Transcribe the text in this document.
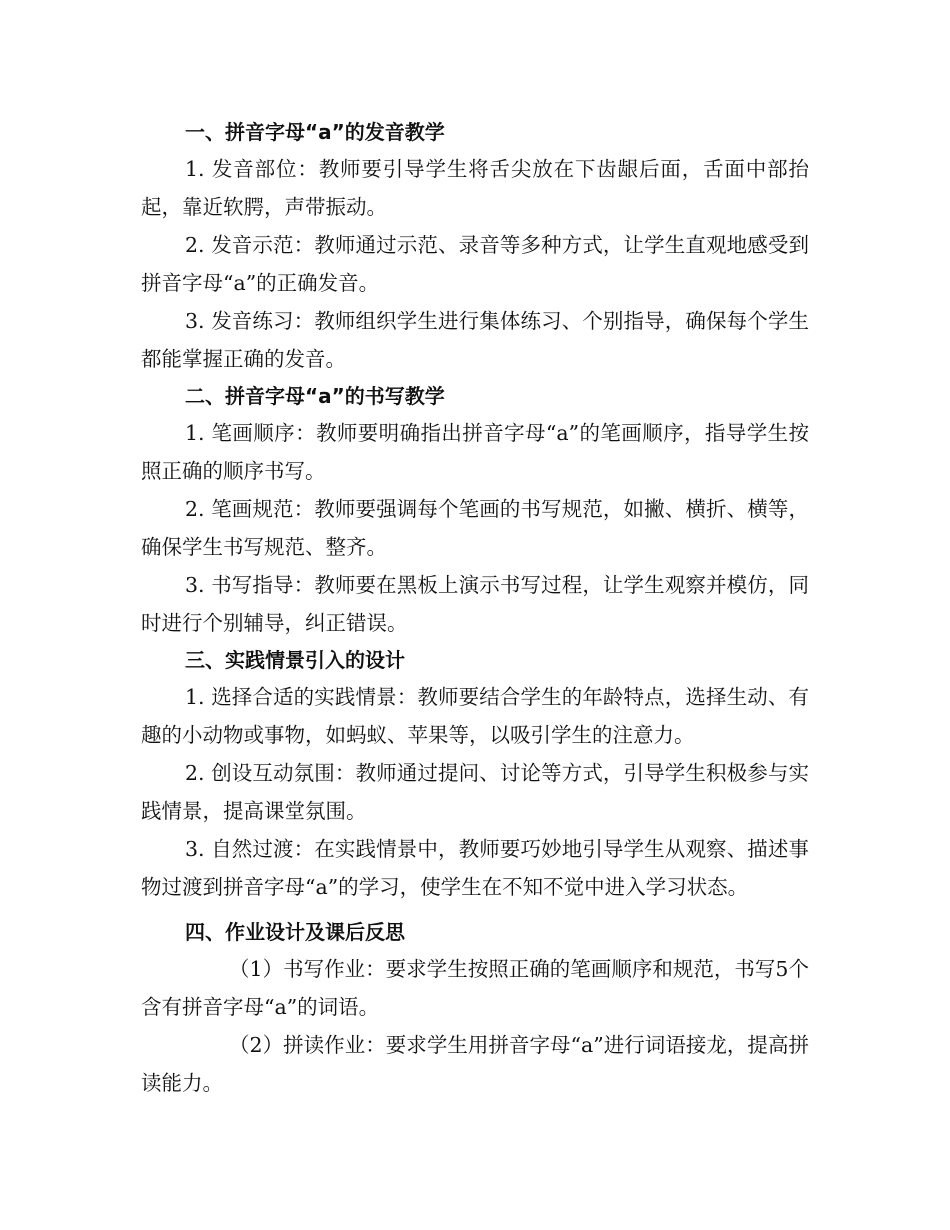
一、拼音字母“a”的发音教学

1. 发音部位：教师要引导学生将舌尖放在下齿龈后面，舌面中部抬起，靠近软腭，声带振动。

2. 发音示范：教师通过示范、录音等多种方式，让学生直观地感受到拼音字母“a”的正确发音。

3. 发音练习：教师组织学生进行集体练习、个别指导，确保每个学生都能掌握正确的发音。

二、拼音字母“a”的书写教学

1. 笔画顺序：教师要明确指出拼音字母“a”的笔画顺序，指导学生按照正确的顺序书写。

2. 笔画规范：教师要强调每个笔画的书写规范，如撇、横折、横等，确保学生书写规范、整齐。

3. 书写指导：教师要在黑板上演示书写过程，让学生观察并模仿，同时进行个别辅导，纠正错误。

三、实践情景引入的设计

1. 选择合适的实践情景：教师要结合学生的年龄特点，选择生动、有趣的小动物或事物，如蚂蚁、苹果等，以吸引学生的注意力。

2. 创设互动氛围：教师通过提问、讨论等方式，引导学生积极参与实践情景，提高课堂氛围。

3. 自然过渡：在实践情景中，教师要巧妙地引导学生从观察、描述事物过渡到拼音字母“a”的学习，使学生在不知不觉中进入学习状态。

四、作业设计及课后反思

（1）书写作业：要求学生按照正确的笔画顺序和规范，书写5个含有拼音字母“a”的词语。

（2）拼读作业：要求学生用拼音字母“a”进行词语接龙，提高拼读能力。
